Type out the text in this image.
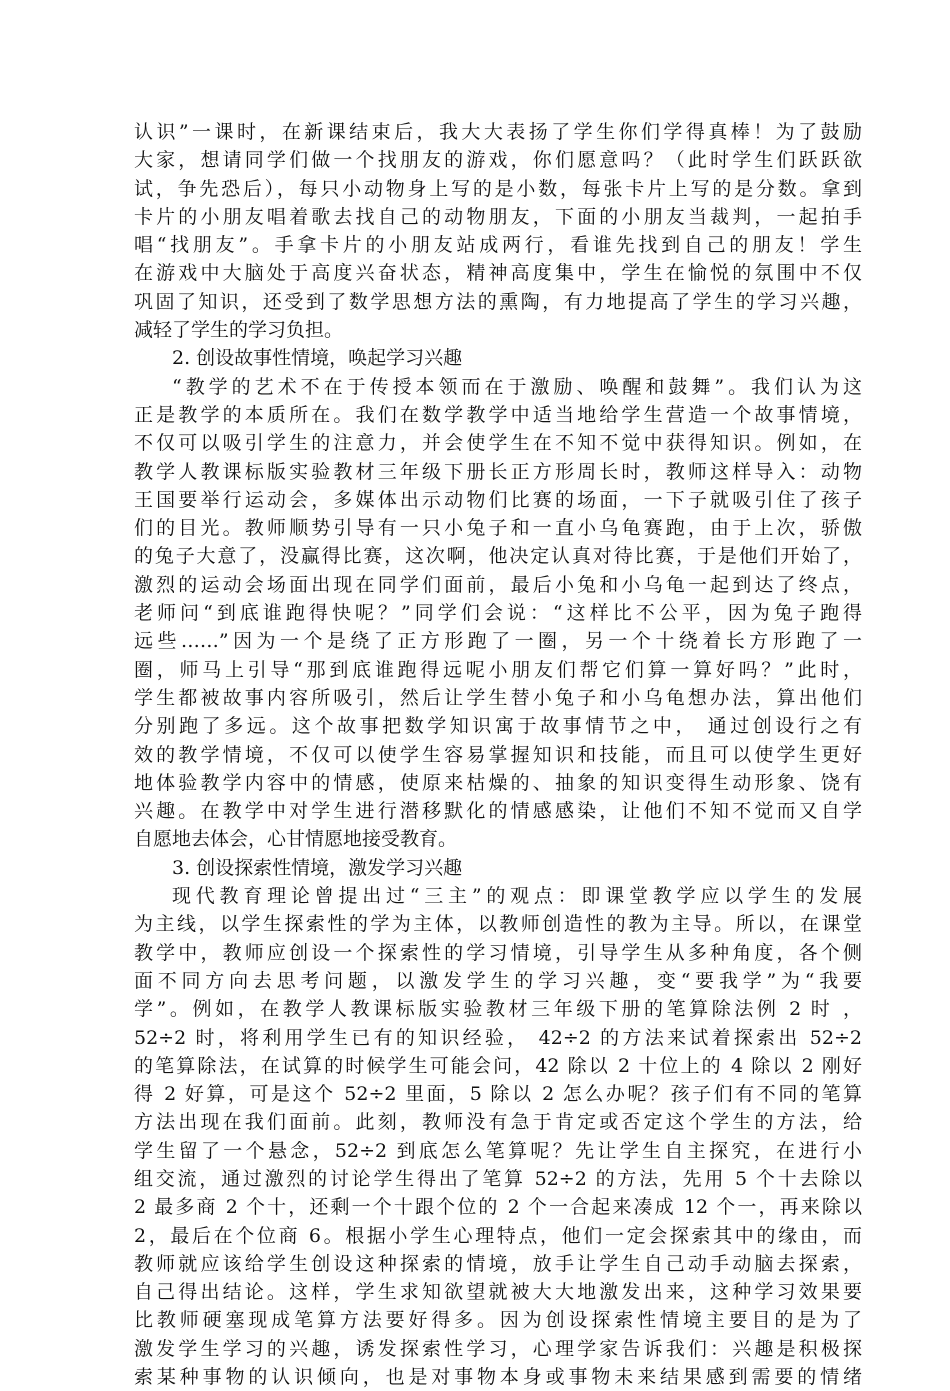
认识”一课时，在新课结束后，我大大表扬了学生你们学得真棒！为了鼓励
大家，想请同学们做一个找朋友的游戏，你们愿意吗？（此时学生们跃跃欲
试，争先恐后），每只小动物身上写的是小数，每张卡片上写的是分数。拿到
卡片的小朋友唱着歌去找自己的动物朋友，下面的小朋友当裁判，一起拍手
唱“找朋友”。手拿卡片的小朋友站成两行，看谁先找到自己的朋友！学生
在游戏中大脑处于高度兴奋状态，精神高度集中，学生在愉悦的氛围中不仅
巩固了知识，还受到了数学思想方法的熏陶，有力地提高了学生的学习兴趣，
减轻了学生的学习负担。
2. 创设故事性情境，唤起学习兴趣
“教学的艺术不在于传授本领而在于激励、唤醒和鼓舞”。我们认为这
正是教学的本质所在。我们在数学教学中适当地给学生营造一个故事情境，
不仅可以吸引学生的注意力，并会使学生在不知不觉中获得知识。例如，在
教学人教课标版实验教材三年级下册长正方形周长时，教师这样导入：动物
王国要举行运动会，多媒体出示动物们比赛的场面，一下子就吸引住了孩子
们的目光。教师顺势引导有一只小兔子和一直小乌龟赛跑，由于上次，骄傲
的兔子大意了，没赢得比赛，这次啊，他决定认真对待比赛，于是他们开始了，
激烈的运动会场面出现在同学们面前，最后小兔和小乌龟一起到达了终点，
老师问“到底谁跑得快呢？”同学们会说：“这样比不公平，因为兔子跑得
远些……”因为一个是绕了正方形跑了一圈，另一个十绕着长方形跑了一
圈，师马上引导“那到底谁跑得远呢小朋友们帮它们算一算好吗？”此时，
学生都被故事内容所吸引，然后让学生替小兔子和小乌龟想办法，算出他们
分别跑了多远。这个故事把数学知识寓于故事情节之中， 通过创设行之有
效的教学情境，不仅可以使学生容易掌握知识和技能，而且可以使学生更好
地体验教学内容中的情感，使原来枯燥的、抽象的知识变得生动形象、饶有
兴趣。在教学中对学生进行潜移默化的情感感染，让他们不知不觉而又自学
自愿地去体会，心甘情愿地接受教育。
3. 创设探索性情境，激发学习兴趣
现代教育理论曾提出过“三主”的观点：即课堂教学应以学生的发展
为主线，以学生探索性的学为主体，以教师创造性的教为主导。所以，在课堂
教学中，教师应创设一个探索性的学习情境，引导学生从多种角度，各个侧
面不同方向去思考问题，以激发学生的学习兴趣，变“要我学”为“我要
学”。例如，在教学人教课标版实验教材三年级下册的笔算除法例 2 时 ，
52÷2 时，将利用学生已有的知识经验， 42÷2 的方法来试着探索出 52÷2
的笔算除法，在试算的时候学生可能会问，42 除以 2 十位上的 4 除以 2 刚好
得 2 好算，可是这个 52÷2 里面，5 除以 2 怎么办呢？孩子们有不同的笔算
方法出现在我们面前。此刻，教师没有急于肯定或否定这个学生的方法，给
学生留了一个悬念，52÷2 到底怎么笔算呢？先让学生自主探究，在进行小
组交流，通过激烈的讨论学生得出了笔算 52÷2 的方法，先用 5 个十去除以
2 最多商 2 个十，还剩一个十跟个位的 2 个一合起来凑成 12 个一，再来除以
2，最后在个位商 6。根据小学生心理特点，他们一定会探索其中的缘由，而
教师就应该给学生创设这种探索的情境，放手让学生自己动手动脑去探索，
自己得出结论。这样，学生求知欲望就被大大地激发出来，这种学习效果要
比教师硬塞现成笔算方法要好得多。因为创设探索性情境主要目的是为了
激发学生学习的兴趣，诱发探索性学习，心理学家告诉我们：兴趣是积极探
索某种事物的认识倾向，也是对事物本身或事物未来结果感到需要的情绪
